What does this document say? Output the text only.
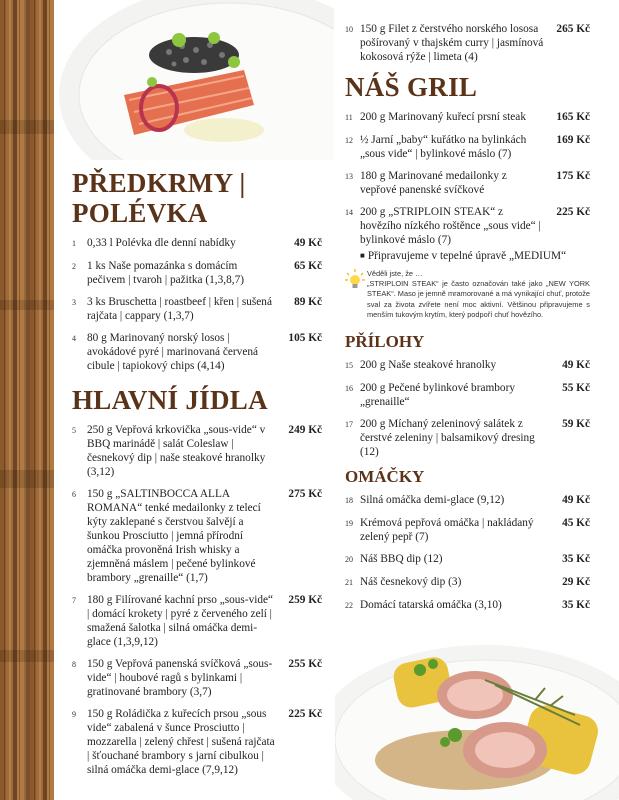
PŘEDKRMY |
POLÉVKA
1 0,33 l Polévka dle denní nabídky	49 Kč
2 1 ks Naše pomazánka s domácím pečivem | tvaroh | pažitka (1,3,8,7)
65 Kč
3 3 ks Bruschetta | roastbeef | křen | sušená rajčata | cappary (1,3,7)
89 Kč
4 80 g Marinovaný norský losos | avokádové pyré | marinovaná červená cibule | tapiokový chips (4,14)
105 Kč
HLAVNÍ JÍDLA
5 250 g Vepřová krkovička „sous-vide“ v BBQ marinádě | salát Coleslaw | česnekový dip | naše steakové hranolky (3,12)
249 Kč
6 150 g „SALTINBOCCA ALLA ROMANA“ tenké medailonky z telecí kýty zaklepané s čerstvou šalvějí a šunkou Prosciutto | jemná přírodní omáčka provoněná Irish whisky a zjemněná máslem | pečené bylinkové brambory „grenaille“ (1,7)
275 Kč
7 180 g Filírované kachní prso „sous-vide“ | domácí krokety | pyré z červeného zelí | smažená šalotka | silná omáčka demi-glace (1,3,9,12)
259 Kč
8 150 g Vepřová panenská svíčková „sous-vide“ | houbové ragů s bylinkami | gratinované brambory (3,7)
255 Kč
9 150 g Roládička z kuřecích prsou „sous vide“ zabalená v šunce Prosciutto | mozzarella | zelený chřest | sušená rajčata | šťouchané brambory s jarní cibulkou | silná omáčka demi-glace (7,9,12)
225 Kč
10 150 g Filet z čerstvého norského lososa pošírovaný v thajském curry | jasmínová kokosová rýže | limeta (4)
265 Kč
NÁŠ GRIL
11 200 g Marinovaný kuřecí prsní steak	165 Kč
12 ½ Jarní „baby“ kuřátko na bylinkách „sous vide“ | bylinkové máslo (7)
169 Kč
13 180 g Marinované medailonky z vepřové panenské svíčkové
175 Kč
14 200 g „STRIPLOIN STEAK“ z hovězího nízkého roštěnce „sous vide“ | bylinkové máslo (7)
225 Kč
■ Připravujeme v tepelné úpravě „MEDIUM“
Věděli jste, že …
„STRIPLOIN STEAK“ je často označován také jako „NEW YORK STEAK“. Maso je jemně mramorované a má vynikající chuť, protože sval za života zvířete není moc aktivní. Většinou připravujeme s menším tukovým krytím, který podpoří chuť hovězího.
PŘÍLOHY
15 200 g Naše steakové hranolky	49 Kč
16 200 g Pečené bylinkové brambory „grenaille“
55 Kč
17 200 g Míchaný zeleninový salátek z čerstvé zeleniny | balsamikový dresing (12)
59 Kč
OMÁČKY
18 Silná omáčka demi-glace (9,12)	49 Kč
19 Krémová pepřová omáčka | nakládaný zelený pepř (7)
45 Kč
20 Náš BBQ dip (12)	35 Kč
21 Náš česnekový dip (3)	29 Kč
22 Domácí tatarská omáčka (3,10)	35 Kč
